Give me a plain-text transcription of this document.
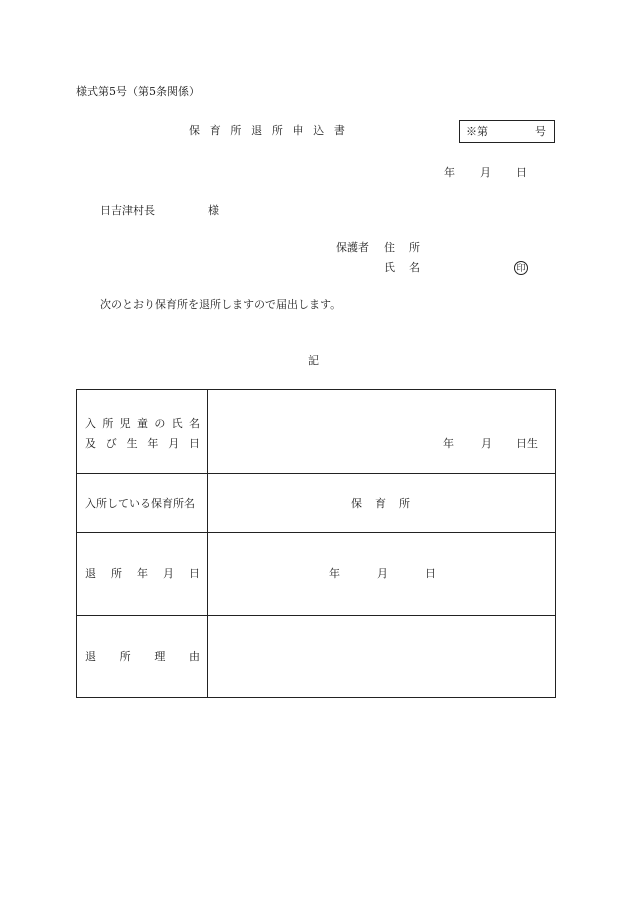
様式第5号（第5条関係）
保 育 所 退 所 申 込 書	※第	号
年 月 日
日吉津村長	様
保護者 住 所
氏 名	印
次のとおり保育所を退所しますので届出します。
記
入 所 児 童 の 氏 名
及 び 生 年 月 日	年 月 日生
入所している保育所名	保 育 所
退 所 年 月 日	年	月	日
退 所 理 由
